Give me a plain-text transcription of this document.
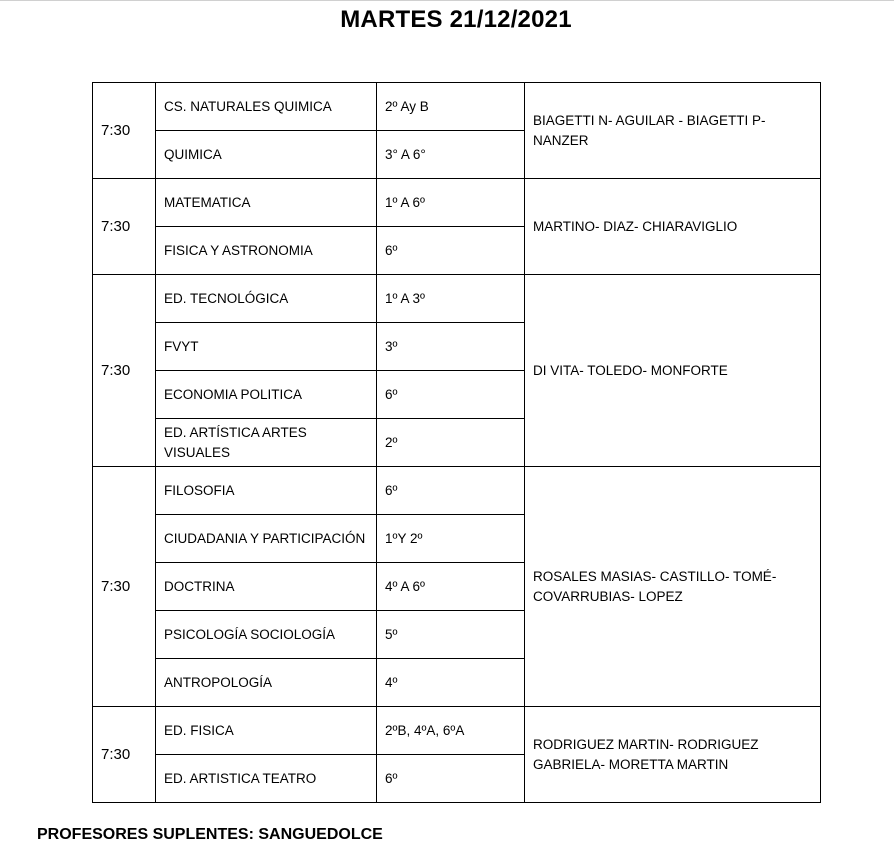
MARTES 21/12/2021
7:30	CS. NATURALES QUIMICA	2º Ay B	BIAGETTI N- AGUILAR - BIAGETTI P- NANZER
	QUIMICA	3° A 6°	
7:30	MATEMATICA	1º A 6º	MARTINO- DIAZ- CHIARAVIGLIO
	FISICA Y ASTRONOMIA	6º	
7:30	ED. TECNOLÓGICA	1º A 3º	DI VITA- TOLEDO- MONFORTE
	FVYT	3º	
	ECONOMIA POLITICA	6º	
	ED. ARTÍSTICA ARTES VISUALES	2º	
7:30	FILOSOFIA	6º	ROSALES MASIAS- CASTILLO- TOMÉ- COVARRUBIAS- LOPEZ
	CIUDADANIA Y PARTICIPACIÓN	1ºY 2º	
	DOCTRINA	4º A 6º	
	PSICOLOGÍA SOCIOLOGÍA	5º	
	ANTROPOLOGÍA	4º	
7:30	ED. FISICA	2ºB, 4ºA, 6ºA	RODRIGUEZ MARTIN- RODRIGUEZ GABRIELA- MORETTA MARTIN
	ED. ARTISTICA TEATRO	6º	
PROFESORES SUPLENTES: SANGUEDOLCE
